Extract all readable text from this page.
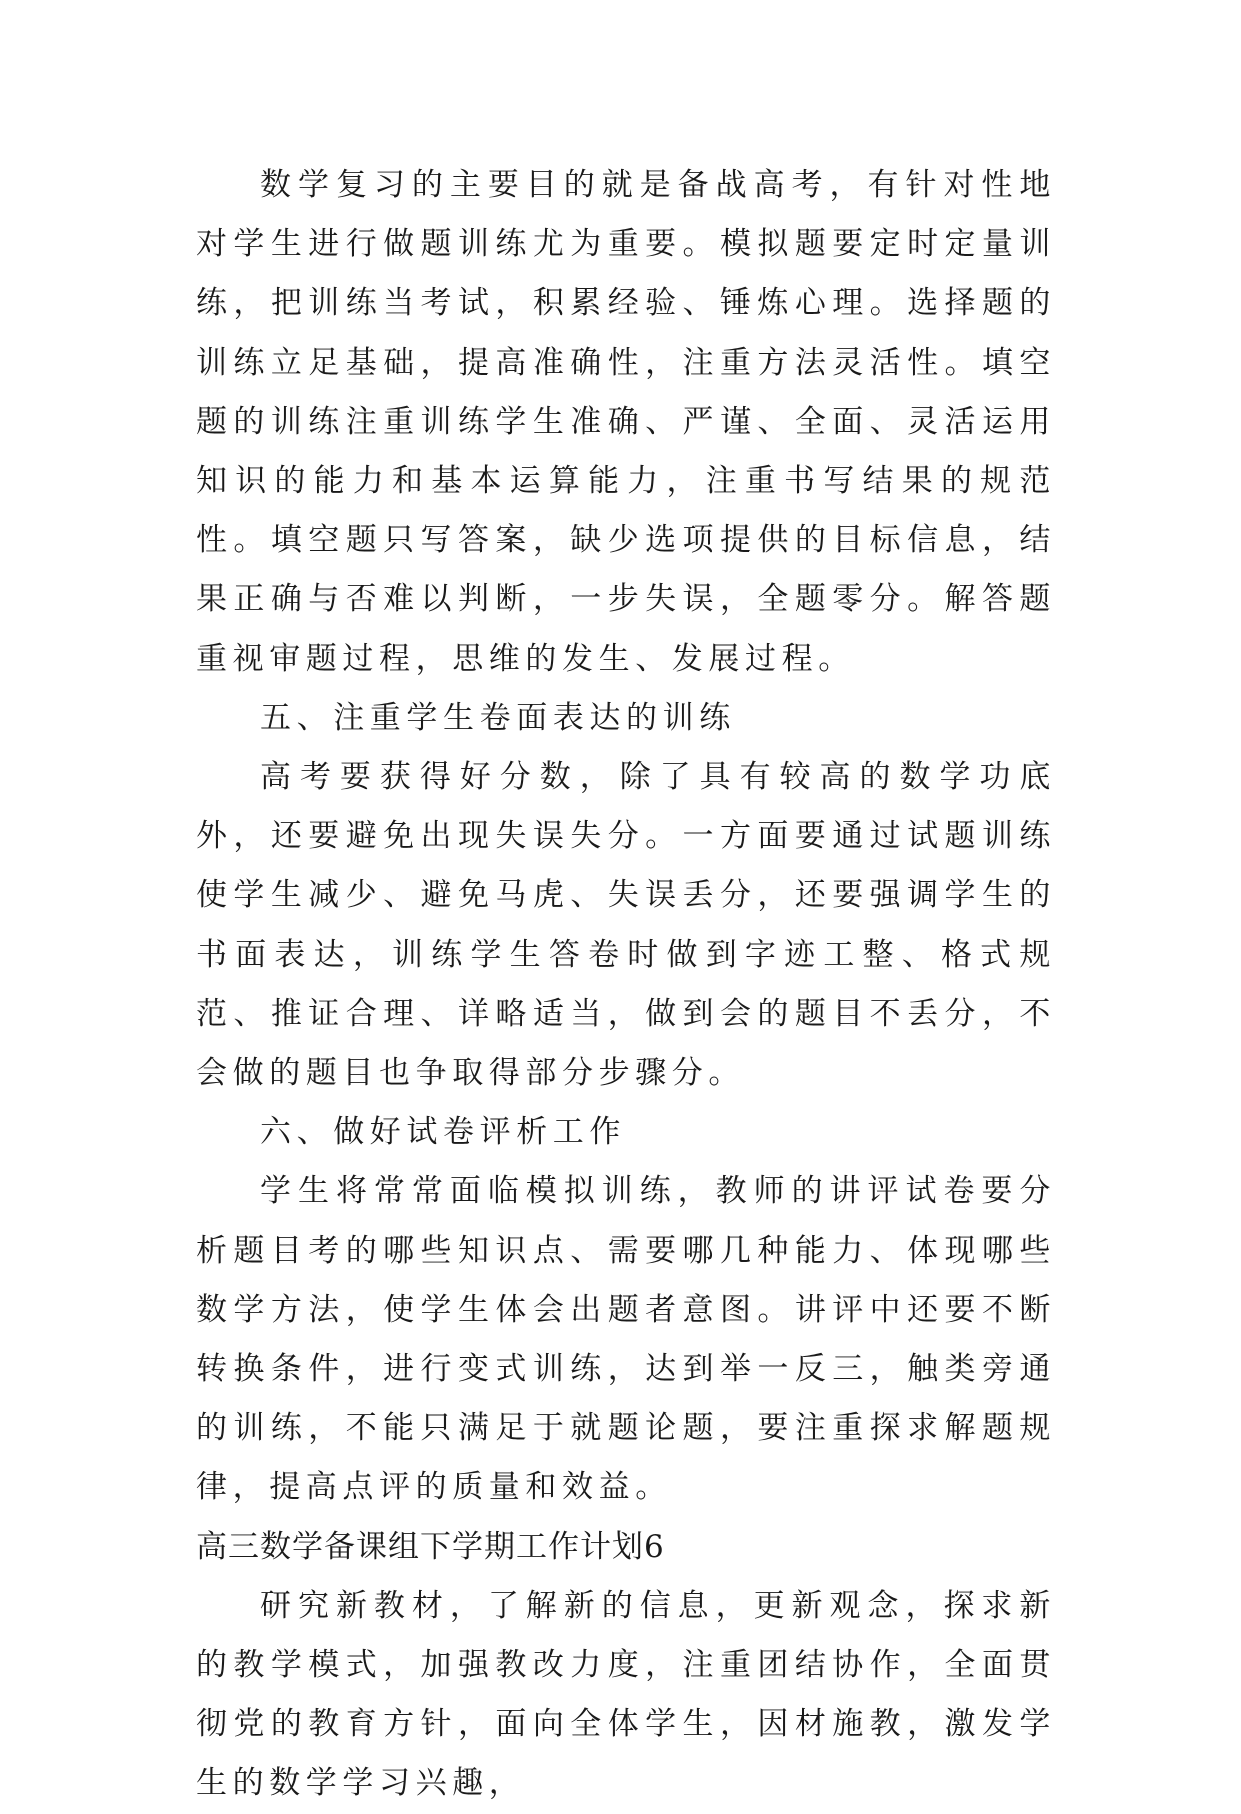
数学复习的主要目的就是备战高考，有针对性地对学生进行做题训练尤为重要。模拟题要定时定量训练，把训练当考试，积累经验、锤炼心理。选择题的训练立足基础，提高准确性，注重方法灵活性。填空题的训练注重训练学生准确、严谨、全面、灵活运用知识的能力和基本运算能力，注重书写结果的规范性。填空题只写答案，缺少选项提供的目标信息，结果正确与否难以判断，一步失误，全题零分。解答题重视审题过程，思维的发生、发展过程。

五、注重学生卷面表达的训练

高考要获得好分数，除了具有较高的数学功底外，还要避免出现失误失分。一方面要通过试题训练使学生减少、避免马虎、失误丢分，还要强调学生的书面表达，训练学生答卷时做到字迹工整、格式规范、推证合理、详略适当，做到会的题目不丢分，不会做的题目也争取得部分步骤分。

六、做好试卷评析工作

学生将常常面临模拟训练，教师的讲评试卷要分析题目考的哪些知识点、需要哪几种能力、体现哪些数学方法，使学生体会出题者意图。讲评中还要不断转换条件，进行变式训练，达到举一反三，触类旁通的训练，不能只满足于就题论题，要注重探求解题规律，提高点评的质量和效益。

高三数学备课组下学期工作计划6

研究新教材，了解新的信息，更新观念，探求新的教学模式，加强教改力度，注重团结协作，全面贯彻党的教育方针，面向全体学生，因材施教，激发学生的数学学习兴趣，
